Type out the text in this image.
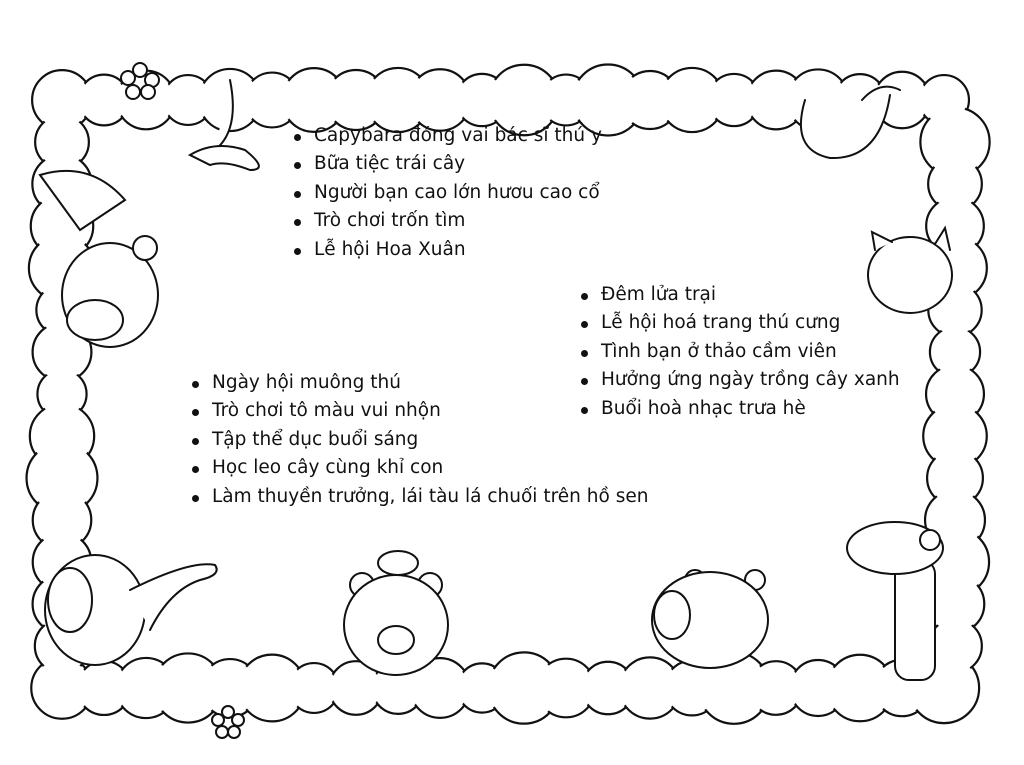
Capybara đóng vai bác sĩ thú y
Bữa tiệc trái cây
Người bạn cao lớn hươu cao cổ
Trò chơi trốn tìm
Lễ hội Hoa Xuân
Đêm lửa trại
Lễ hội hoá trang thú cưng
Tình bạn ở thảo cầm viên
Hưởng ứng ngày trồng cây xanh
Buổi hoà nhạc trưa hè
Ngày hội muông thú
Trò chơi tô màu vui nhộn
Tập thể dục buổi sáng
Học leo cây cùng khỉ con
Làm thuyền trưởng, lái tàu lá chuối trên hồ sen
